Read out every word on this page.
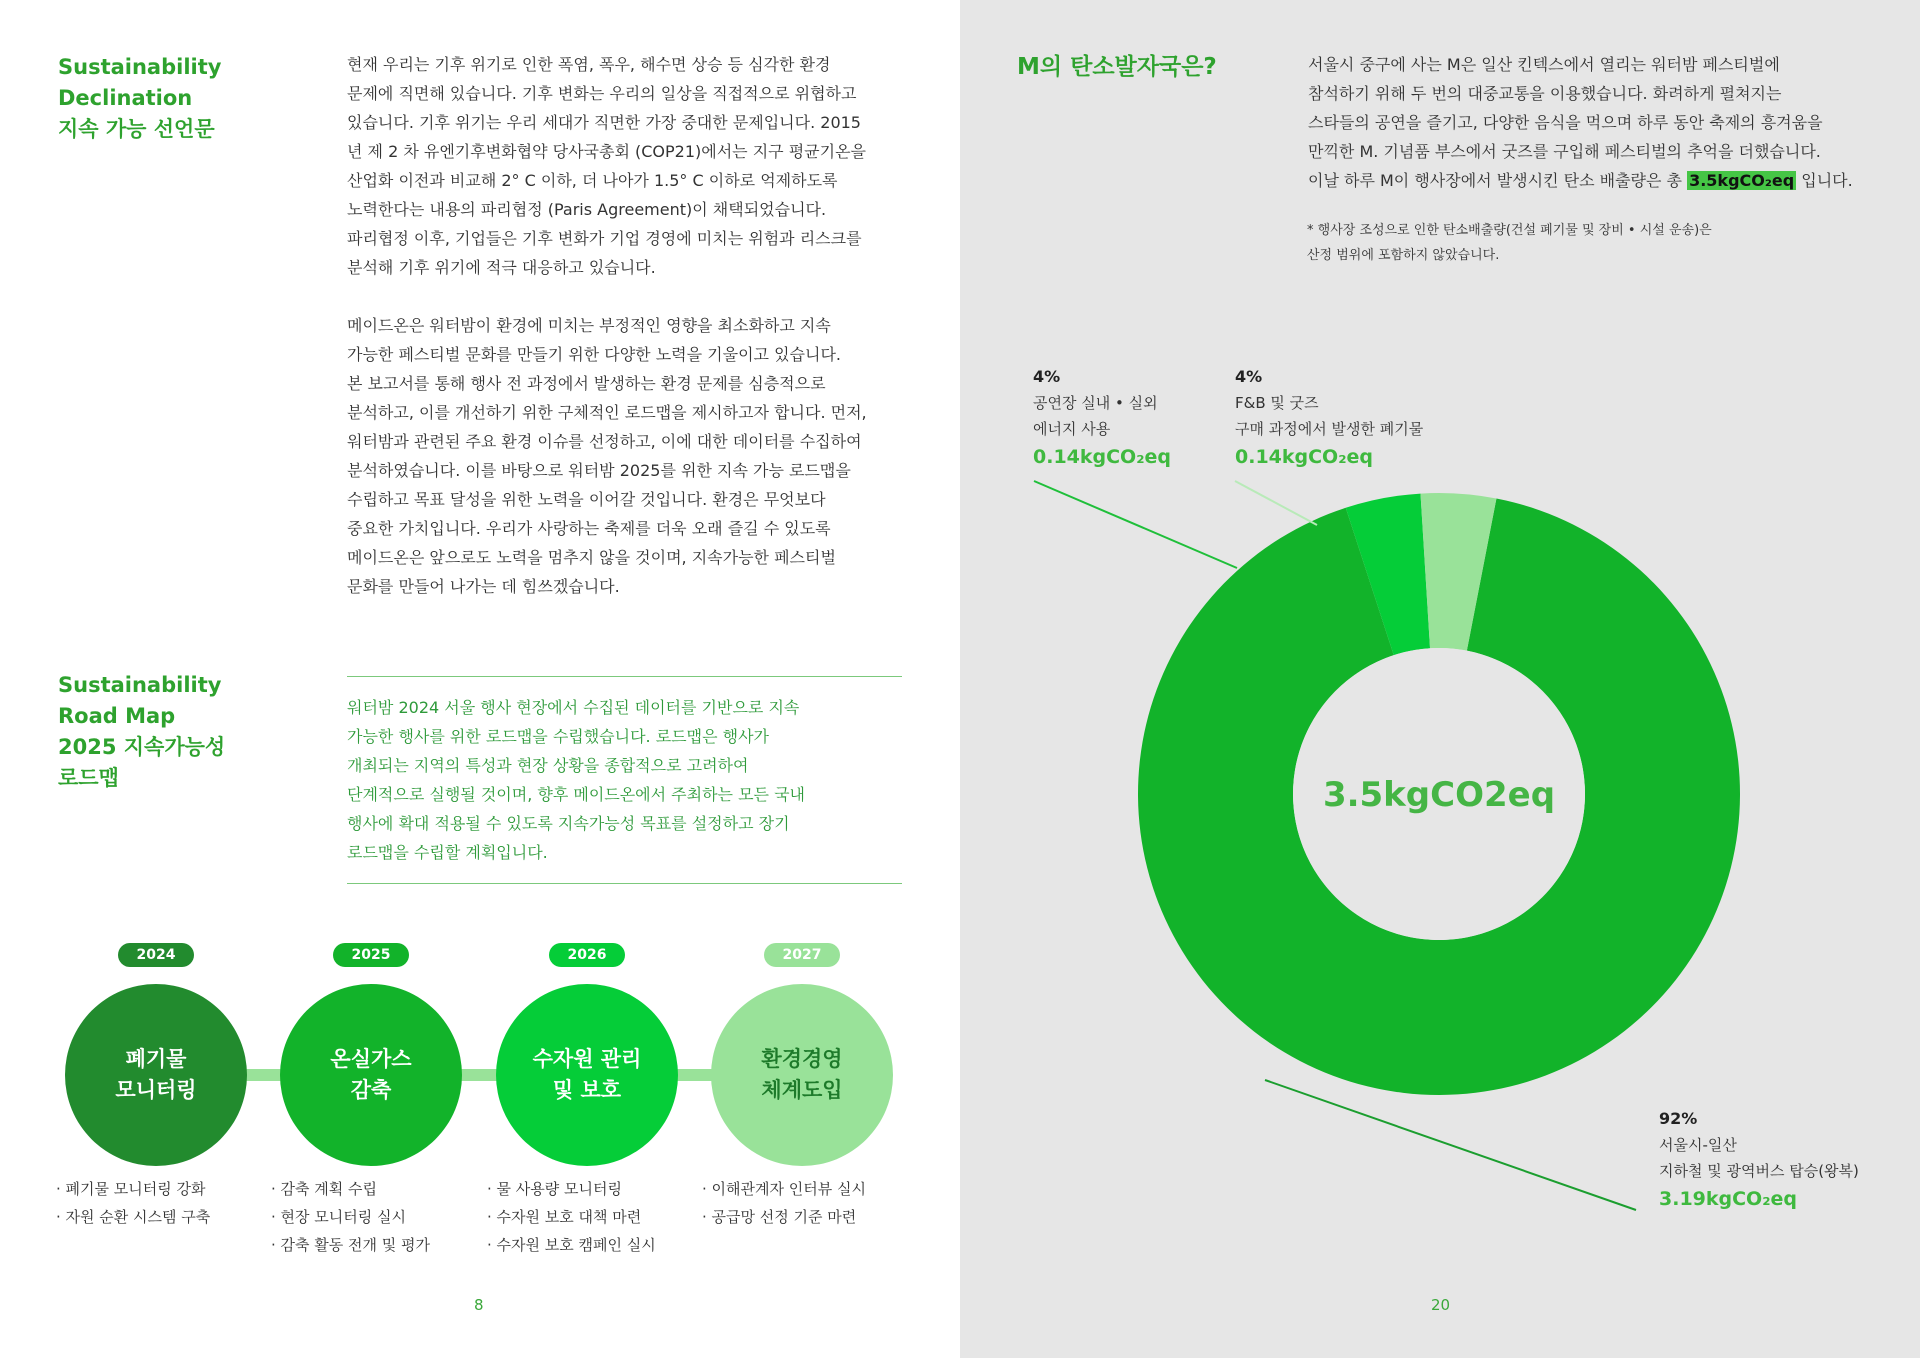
Sustainability
Declination
지속 가능 선언문
현재 우리는 기후 위기로 인한 폭염, 폭우, 해수면 상승 등 심각한 환경
문제에 직면해 있습니다. 기후 변화는 우리의 일상을 직접적으로 위협하고
있습니다. 기후 위기는 우리 세대가 직면한 가장 중대한 문제입니다. 2015
년 제 2 차 유엔기후변화협약 당사국총회 (COP21)에서는 지구 평균기온을
산업화 이전과 비교해 2° C 이하, 더 나아가 1.5° C 이하로 억제하도록
노력한다는 내용의 파리협정 (Paris Agreement)이 채택되었습니다.
파리협정 이후, 기업들은 기후 변화가 기업 경영에 미치는 위험과 리스크를
분석해 기후 위기에 적극 대응하고 있습니다.
메이드온은 워터밤이 환경에 미치는 부정적인 영향을 최소화하고 지속
가능한 페스티벌 문화를 만들기 위한 다양한 노력을 기울이고 있습니다.
본 보고서를 통해 행사 전 과정에서 발생하는 환경 문제를 심층적으로
분석하고, 이를 개선하기 위한 구체적인 로드맵을 제시하고자 합니다. 먼저,
워터밤과 관련된 주요 환경 이슈를 선정하고, 이에 대한 데이터를 수집하여
분석하였습니다. 이를 바탕으로 워터밤 2025를 위한 지속 가능 로드맵을
수립하고 목표 달성을 위한 노력을 이어갈 것입니다. 환경은 무엇보다
중요한 가치입니다. 우리가 사랑하는 축제를 더욱 오래 즐길 수 있도록
메이드온은 앞으로도 노력을 멈추지 않을 것이며, 지속가능한 페스티벌
문화를 만들어 나가는 데 힘쓰겠습니다.
Sustainability
Road Map
2025 지속가능성
로드맵
워터밤 2024 서울 행사 현장에서 수집된 데이터를 기반으로 지속
가능한 행사를 위한 로드맵을 수립했습니다. 로드맵은 행사가
개최되는 지역의 특성과 현장 상황을 종합적으로 고려하여
단계적으로 실행될 것이며, 향후 메이드온에서 주최하는 모든 국내
행사에 확대 적용될 수 있도록 지속가능성 목표를 설정하고 장기
로드맵을 수립할 계획입니다.
2024
폐기물
모니터링
· 폐기물 모니터링 강화
· 자원 순환 시스템 구축
2025
온실가스
감축
· 감축 계획 수립
· 현장 모니터링 실시
· 감축 활동 전개 및 평가
2026
수자원 관리
및 보호
· 물 사용량 모니터링
· 수자원 보호 대책 마련
· 수자원 보호 캠페인 실시
2027
환경경영
체계도입
· 이해관계자 인터뷰 실시
· 공급망 선정 기준 마련
8
M의 탄소발자국은?	서울시 중구에 사는 M은 일산 킨텍스에서 열리는 워터밤 페스티벌에
참석하기 위해 두 번의 대중교통을 이용했습니다. 화려하게 펼쳐지는
스타들의 공연을 즐기고, 다양한 음식을 먹으며 하루 동안 축제의 흥겨움을
만끽한 M. 기념품 부스에서 굿즈를 구입해 페스티벌의 추억을 더했습니다.
이날 하루 M이 행사장에서 발생시킨 탄소 배출량은 총 3.5kgCO₂eq 입니다.
* 행사장 조성으로 인한 탄소배출량(건설 폐기물 및 장비 • 시설 운송)은
산정 범위에 포함하지 않았습니다.
3.5kgCO2eq
4%
공연장 실내 • 실외
에너지 사용
0.14kgCO₂eq
4%
F&B 및 굿즈
구매 과정에서 발생한 폐기물
0.14kgCO₂eq
92%
서울시-일산
지하철 및 광역버스 탑승(왕복)
3.19kgCO₂eq
20
